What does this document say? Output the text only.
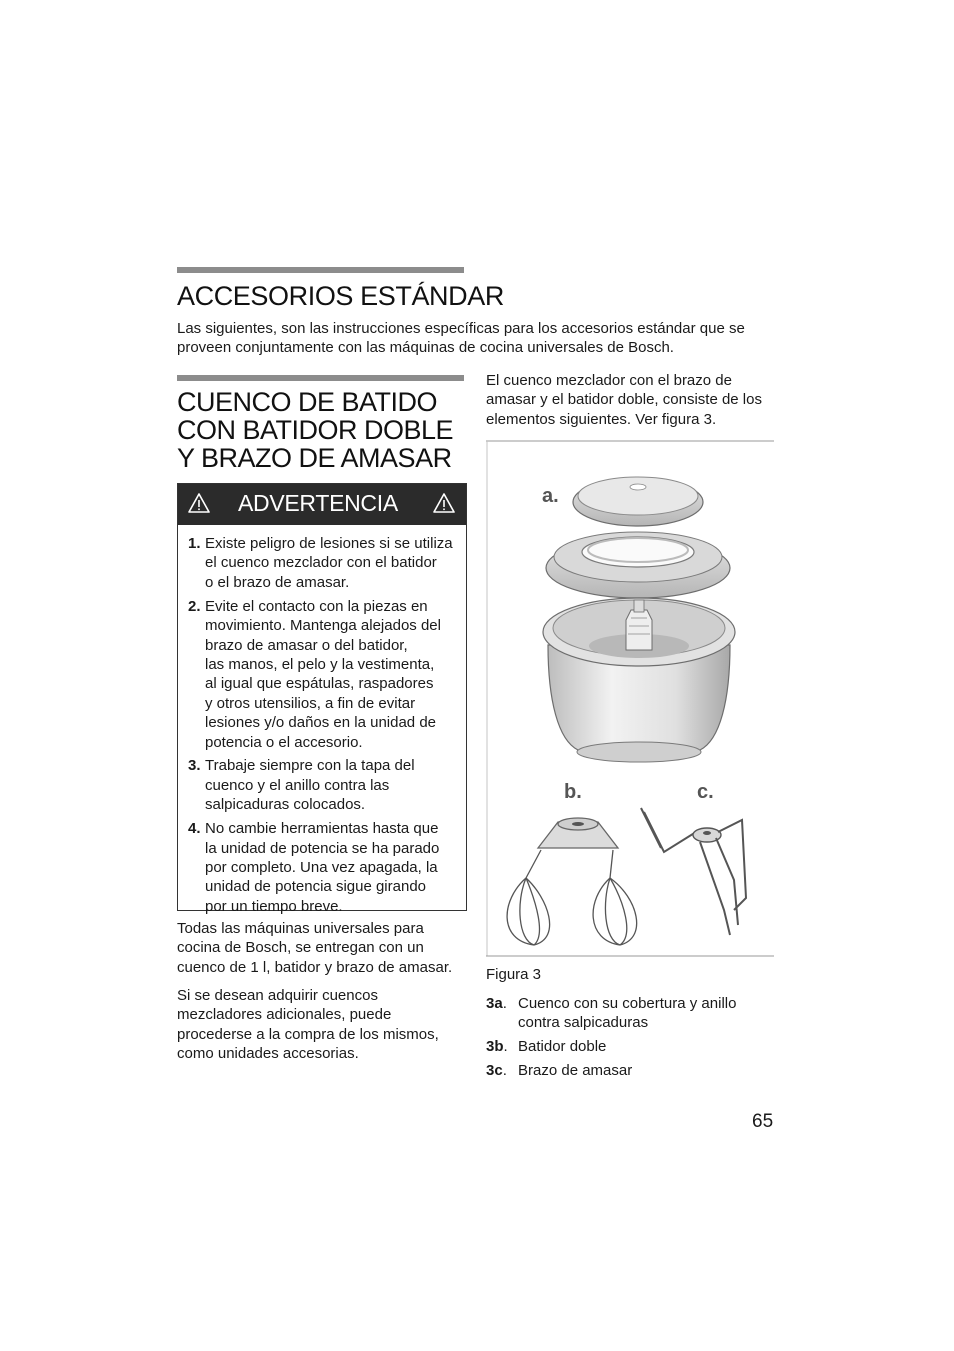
ACCESORIOS ESTÁNDAR
Las siguientes, son las instrucciones específicas para los accesorios estándar que se proveen conjuntamente con las máquinas de cocina universales de Bosch.
CUENCO DE BATIDO
CON BATIDOR DOBLE
Y BRAZO DE AMASAR
ADVERTENCIA
1. Existe peligro de lesiones si se utiliza
el cuenco mezclador con el batidor
o el brazo de amasar.
2. Evite el contacto con la piezas en
movimiento. Mantenga alejados del
brazo de amasar o del batidor,
las manos, el pelo y la vestimenta,
al igual que espátulas, raspadores
y otros utensilios, a fin de evitar
lesiones y/o daños en la unidad de
potencia o el accesorio.
3. Trabaje siempre con la tapa del
cuenco y el anillo contra las
salpicaduras colocados.
4. No cambie herramientas hasta que
la unidad de potencia se ha parado
por completo. Una vez apagada, la
unidad de potencia sigue girando
por un tiempo breve.
Todas las máquinas universales para
cocina de Bosch, se entregan con un
cuenco de 1 l, batidor y brazo de amasar.
Si se desean adquirir cuencos
mezcladores adicionales, puede
procederse a la compra de los mismos,
como unidades accesorias.
El cuenco mezclador con el brazo de
amasar y el batidor doble, consiste de los
elementos siguientes. Ver figura 3.
a.
b.	c.
Figura 3
3a. Cuenco con su cobertura y anillo
contra salpicaduras
3b. Batidor doble
3c. Brazo de amasar
65
